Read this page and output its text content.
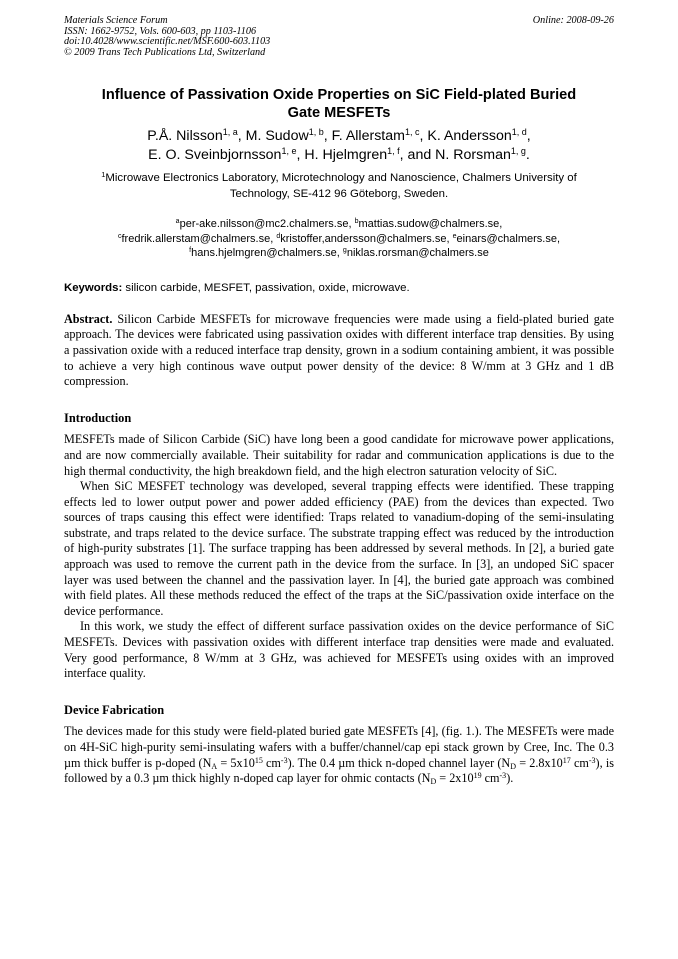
Materials Science Forum	Online: 2008-09-26
ISSN: 1662-9752, Vols. 600-603, pp 1103-1106
doi:10.4028/www.scientific.net/MSF.600-603.1103
© 2009 Trans Tech Publications Ltd, Switzerland
Influence of Passivation Oxide Properties on SiC Field-plated Buried
Gate MESFETs
P.Å. Nilsson$^{1, a}$, M. Sudow$^{1, b}$, F. Allerstam$^{1, c}$, K. Andersson$^{1, d}$,
E. O. Sveinbjornsson$^{1, e}$, H. Hjelmgren$^{1, f}$, and N. Rorsman$^{1, g}$.
$^1$Microwave Electronics Laboratory, Microtechnology and Nanoscience, Chalmers University of
Technology, SE-412 96 Göteborg, Sweden.
$^a$per-ake.nilsson@mc2.chalmers.se, $^b$mattias.sudow@chalmers.se,
$^c$fredrik.allerstam@chalmers.se, $^d$kristoffer,andersson@chalmers.se, $^e$einars@chalmers.se,
$^f$hans.hjelmgren@chalmers.se, $^g$niklas.rorsman@chalmers.se
Keywords: silicon carbide, MESFET, passivation, oxide, microwave.
Abstract. Silicon Carbide MESFETs for microwave frequencies were made using a field-plated buried gate approach. The devices were fabricated using passivation oxides with different interface trap densities. By using a passivation oxide with a reduced interface trap density, grown in a sodium containing ambient, it was possible to achieve a very high continous wave output power density of the device: 8 W/mm at 3 GHz and 1 dB compression.
Introduction

MESFETs made of Silicon Carbide (SiC) have long been a good candidate for microwave power applications, and are now commercially available. Their suitability for radar and communication applications is due to the high thermal conductivity, the high breakdown field, and the high electron saturation velocity of SiC.

When SiC MESFET technology was developed, several trapping effects were identified. These trapping effects led to lower output power and power added efficiency (PAE) from the devices than expected. Two sources of traps causing this effect were identified: Traps related to vanadium-doping of the semi-insulating substrate, and traps related to the device surface. The substrate trapping effect was reduced by the introduction of high-purity substrates [1]. The surface trapping has been addressed by several methods. In [2], a buried gate approach was used to remove the current path in the device from the surface. In [3], an undoped SiC spacer layer was used between the channel and the passivation layer. In [4], the buried gate approach was combined with field plates. All these methods reduced the effect of the traps at the SiC/passivation oxide interface on the device performance.

In this work, we study the effect of different surface passivation oxides on the device performance of SiC MESFETs. Devices with passivation oxides with different interface trap densities were made and evaluated. Very good performance, 8 W/mm at 3 GHz, was achieved for MESFETs using oxides with an improved interface quality.

Device Fabrication

The devices made for this study were field-plated buried gate MESFETs [4], (fig. 1.). The MESFETs were made on 4H-SiC high-purity semi-insulating wafers with a buffer/channel/cap epi stack grown by Cree, Inc. The 0.3 µm thick buffer is p-doped ($N_A = 5x10^{15}$ $cm^{-3}$). The 0.4 µm thick n-doped channel layer ($N_D = 2.8x10^{17}$ $cm^{-3}$), is followed by a 0.3 µm thick highly n-doped cap layer for ohmic contacts ($N_D = 2x10^{19}$ $cm^{-3}$).
